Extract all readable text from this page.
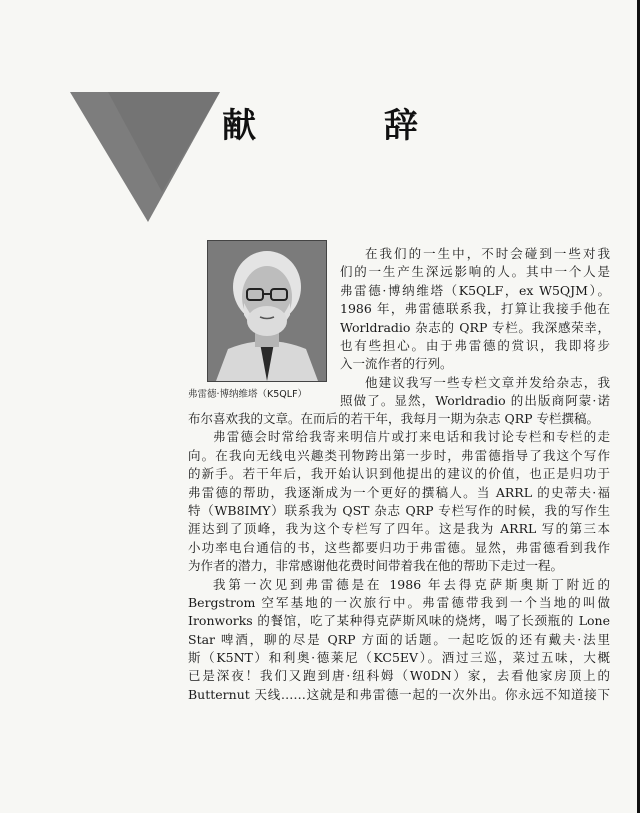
献 辞
弗雷德·博纳维塔（K5QLF）
在我们的一生中，不时会碰到一些对我
们的一生产生深远影响的人。其中一个人是
弗雷德·博纳维塔（K5QLF，ex W5QJM）。
1986 年，弗雷德联系我，打算让我接手他在
Worldradio 杂志的 QRP 专栏。我深感荣幸，
也有些担心。由于弗雷德的赏识，我即将步
入一流作者的行列。
他建议我写一些专栏文章并发给杂志，我
照做了。显然，Worldradio 的出版商阿蒙·诺
布尔喜欢我的文章。在而后的若干年，我每月一期为杂志 QRP 专栏撰稿。
弗雷德会时常给我寄来明信片或打来电话和我讨论专栏和专栏的走
向。在我向无线电兴趣类刊物跨出第一步时，弗雷德指导了我这个写作
的新手。若干年后，我开始认识到他提出的建议的价值，也正是归功于
弗雷德的帮助，我逐渐成为一个更好的撰稿人。当 ARRL 的史蒂夫·福
特（WB8IMY）联系我为 QST 杂志 QRP 专栏写作的时候，我的写作生
涯达到了顶峰，我为这个专栏写了四年。这是我为 ARRL 写的第三本
小功率电台通信的书，这些都要归功于弗雷德。显然，弗雷德看到我作
为作者的潜力，非常感谢他花费时间带着我在他的帮助下走过一程。
我第一次见到弗雷德是在 1986 年去得克萨斯奥斯丁附近的
Bergstrom 空军基地的一次旅行中。弗雷德带我到一个当地的叫做
Ironworks 的餐馆，吃了某种得克萨斯风味的烧烤，喝了长颈瓶的 Lone
Star 啤酒，聊的尽是 QRP 方面的话题。一起吃饭的还有戴夫·法里
斯（K5NT）和利奥·德莱尼（KC5EV）。酒过三巡，菜过五味，大概
已是深夜！我们又跑到唐·纽科姆（W0DN）家，去看他家房顶上的
Butternut 天线……这就是和弗雷德一起的一次外出。你永远不知道接下
